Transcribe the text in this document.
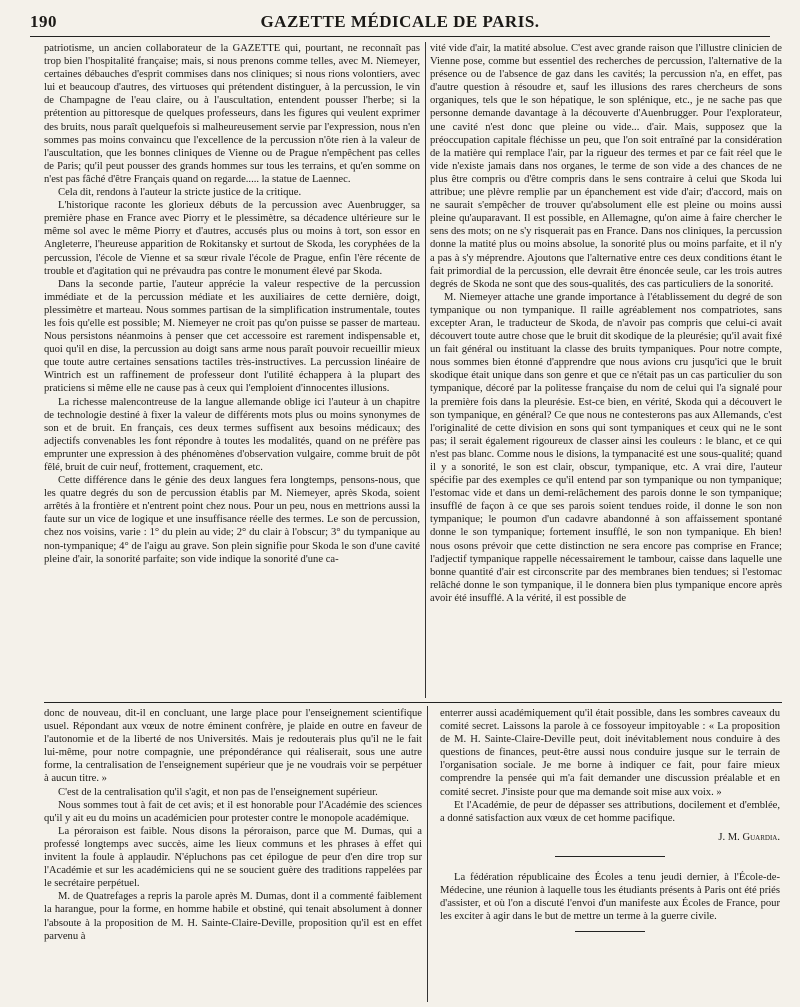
190	GAZETTE MÉDICALE DE PARIS.

patriotisme, un ancien collaborateur de la GAZETTE qui, pourtant, ne reconnaît pas trop bien l'hospitalité française; mais, si nous prenons comme telles, avec M. Niemeyer, certaines débauches d'esprit commises dans nos cliniques; si nous rions volontiers, avec lui et beaucoup d'autres, des virtuoses qui prétendent distinguer, à la percussion, le vin de Champagne de l'eau claire, ou à l'auscultation, entendent pousser l'herbe; si la prétention au pittoresque de quelques professeurs, dans les figures qui veulent exprimer des bruits, nous paraît quelquefois si malheureusement servie par l'expression, nous n'en sommes pas moins convaincu que l'excellence de la percussion n'ôte rien à la valeur de l'auscultation, que les bonnes cliniques de Vienne ou de Prague n'empêchent pas celles de Paris; qu'il peut pousser des grands hommes sur tous les terrains, et qu'en somme on n'est pas fâché d'être Français quand on regarde..... la statue de Laennec.

Cela dit, rendons à l'auteur la stricte justice de la critique.

L'historique raconte les glorieux débuts de la percussion avec Auenbrugger, sa première phase en France avec Piorry et le plessimètre, sa décadence ultérieure sur le même sol avec le même Piorry et d'autres, accusés plus ou moins à tort, son essor en Angleterre, l'heureuse apparition de Rokitansky et surtout de Skoda, les coryphées de la percussion, l'école de Vienne et sa sœur rivale l'école de Prague, enfin l'ère récente de trouble et d'agitation qui ne prévaudra pas contre le monument élevé par Skoda.

Dans la seconde partie, l'auteur apprécie la valeur respective de la percussion immédiate et de la percussion médiate et les auxiliaires de cette dernière, doigt, plessimètre et marteau. Nous sommes partisan de la simplification instrumentale, toutes les fois qu'elle est possible; M. Niemeyer ne croit pas qu'on puisse se passer de marteau. Nous persistons néanmoins à penser que cet accessoire est rarement indispensable et, quoi qu'il en dise, la percussion au doigt sans arme nous paraît pouvoir recueillir mieux que toute autre certaines sensations tactiles très-instructives. La percussion linéaire de Wintrich est un raffinement de professeur dont l'utilité échappera à la plupart des praticiens si même elle ne cause pas à ceux qui l'emploient d'innocentes illusions.

La richesse malencontreuse de la langue allemande oblige ici l'auteur à un chapitre de technologie destiné à fixer la valeur de différents mots plus ou moins synonymes de son et de bruit. En français, ces deux termes suffisent aux besoins médicaux; des adjectifs convenables les font répondre à toutes les modalités, quand on ne préfère pas emprunter une expression à des phénomènes d'observation vulgaire, comme bruit de pôt fêlé, bruit de cuir neuf, frottement, craquement, etc.

Cette différence dans le génie des deux langues fera longtemps, pensons-nous, que les quatre degrés du son de percussion établis par M. Niemeyer, après Skoda, soient arrêtés à la frontière et n'entrent point chez nous. Pour un peu, nous en mettrions aussi la faute sur un vice de logique et une insuffisance réelle des termes. Le son de percussion, chez nos voisins, varie : 1° du plein au vide; 2° du clair à l'obscur; 3° du tympanique au non-tympanique; 4° de l'aigu au grave. Son plein signifie pour Skoda le son d'une cavité pleine d'air, la sonorité parfaite; son vide indique la sonorité d'une ca-

vité vide d'air, la matité absolue. C'est avec grande raison que l'illustre clinicien de Vienne pose, comme but essentiel des recherches de percussion, l'alternative de la présence ou de l'absence de gaz dans les cavités; la percussion n'a, en effet, pas d'autre question à résoudre et, sauf les illusions des rares chercheurs de sons organiques, tels que le son hépatique, le son splénique, etc., je ne sache pas que personne demande davantage à la découverte d'Auenbrugger. Pour l'explorateur, une cavité n'est donc que pleine ou vide... d'air. Mais, supposez que la préoccupation capitale fléchisse un peu, que l'on soit entraîné par la considération de la matière qui remplace l'air, par la rigueur des termes et par ce fait réel que le vide n'existe jamais dans nos organes, le terme de son vide a des chances de ne plus être compris ou d'être compris dans le sens contraire à celui que Skoda lui attribue; une plèvre remplie par un épanchement est vide d'air; d'accord, mais on ne saurait s'empêcher de trouver qu'absolument elle est pleine ou moins aussi pleine qu'auparavant. Il est possible, en Allemagne, qu'on aime à faire chercher le sens des mots; on ne s'y risquerait pas en France. Dans nos cliniques, la percussion donne la matité plus ou moins absolue, la sonorité plus ou moins parfaite, et il n'y a pas à s'y méprendre. Ajoutons que l'alternative entre ces deux conditions étant le fait primordial de la percussion, elle devrait être énoncée seule, car les trois autres degrés de Skoda ne sont que des sous-qualités, des cas particuliers de la sonorité.

M. Niemeyer attache une grande importance à l'établissement du degré de son tympanique ou non tympanique. Il raille agréablement nos compatriotes, sans excepter Aran, le traducteur de Skoda, de n'avoir pas compris que celui-ci avait découvert toute autre chose que le bruit dit skodique de la pleurésie; qu'il avait fixé un fait général ou instituant la classe des bruits tympaniques. Pour notre compte, nous sommes bien étonné d'apprendre que nous avions cru jusqu'ici que le bruit skodique était unique dans son genre et que ce n'était pas un cas particulier du son tympanique, décoré par la politesse française du nom de celui qui l'a signalé pour la première fois dans la pleurésie. Est-ce bien, en vérité, Skoda qui a découvert le son tympanique, en général? Ce que nous ne contesterons pas aux Allemands, c'est l'originalité de cette division en sons qui sont tympaniques et ceux qui ne le sont pas; il serait également rigoureux de classer ainsi les couleurs : le blanc, et ce qui n'est pas blanc. Comme nous le disions, la tympanacité est une sous-qualité; quand il y a sonorité, le son est clair, obscur, tympanique, etc. A vrai dire, l'auteur spécifie par des exemples ce qu'il entend par son tympanique ou non tympanique; l'estomac vide et dans un demi-relâchement des parois donne le son tympanique; insufflé de façon à ce que ses parois soient tendues roide, il donne le son non tympanique; le poumon d'un cadavre abandonné à son affaissement spontané donne le son tympanique; fortement insufflé, le son non tympanique. Eh bien! nous osons prévoir que cette distinction ne sera encore pas comprise en France; l'adjectif tympanique rappelle nécessairement le tambour, caisse dans laquelle une bonne quantité d'air est circonscrite par des membranes bien tendues; si l'estomac relâché donne le son tympanique, il le donnera bien plus tympanique encore après avoir été insufflé. A la vérité, il est possible de

donc de nouveau, dit-il en concluant, une large place pour l'enseignement scientifique usuel. Répondant aux vœux de notre éminent confrère, je plaide en outre en faveur de l'autonomie et de la liberté de nos Universités. Mais je redouterais plus qu'il ne le fait lui-même, pour notre compagnie, une prépondérance qui réaliserait, sous une autre forme, la centralisation de l'enseignement supérieur que je ne voudrais voir se perpétuer à aucun titre. »

C'est de la centralisation qu'il s'agit, et non pas de l'enseignement supérieur.

Nous sommes tout à fait de cet avis; et il est honorable pour l'Académie des sciences qu'il y ait eu du moins un académicien pour protester contre le monopole académique.

La péroraison est faible. Nous disons la péroraison, parce que M. Dumas, qui a professé longtemps avec succès, aime les lieux communs et les phrases à effet qui invitent la foule à applaudir. N'épluchons pas cet épilogue de peur d'en dire trop sur l'Académie et sur les académiciens qui ne se soucient guère des traditions rappelées par le secrétaire perpétuel.

M. de Quatrefages a repris la parole après M. Dumas, dont il a commenté faiblement la harangue, pour la forme, en homme habile et obstiné, qui tenait absolument à donner l'absoute à la proposition de M. H. Sainte-Claire-Deville, proposition qu'il est en effet parvenu à

enterrer aussi académiquement qu'il était possible, dans les sombres caveaux du comité secret. Laissons la parole à ce fossoyeur impitoyable : « La proposition de M. H. Sainte-Claire-Deville peut, doit inévitablement nous conduire à des questions de finances, peut-être aussi nous conduire jusque sur le terrain de l'organisation sociale. Je me borne à indiquer ce fait, pour faire mieux comprendre la pensée qui m'a fait demander une discussion préalable et en comité secret. J'insiste pour que ma demande soit mise aux voix. »

Et l'Académie, de peur de dépasser ses attributions, docilement et d'emblée, a donné satisfaction aux vœux de cet homme pacifique.

J. M. Guardia.

La fédération républicaine des Écoles a tenu jeudi dernier, à l'École-de-Médecine, une réunion à laquelle tous les étudiants présents à Paris ont été priés d'assister, et où l'on a discuté l'envoi d'un manifeste aux Écoles de France, pour les exciter à agir dans le but de mettre un terme à la guerre civile.
